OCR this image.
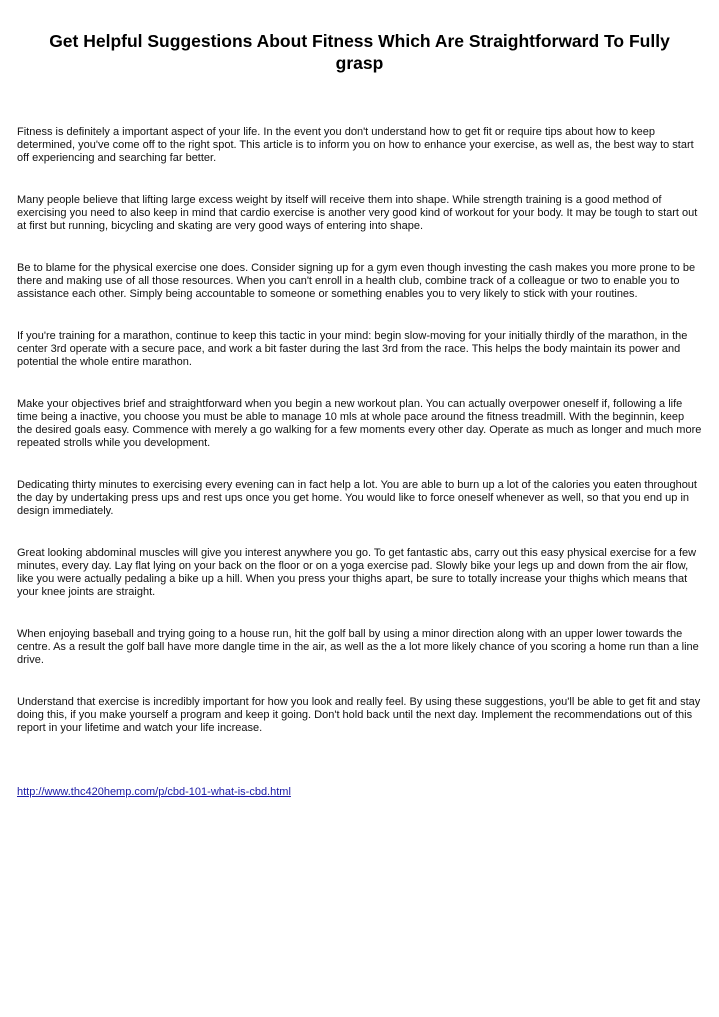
Get Helpful Suggestions About Fitness Which Are Straightforward To Fully grasp

Fitness is definitely a important aspect of your life. In the event you don't understand how to get fit or require tips about how to keep determined, you've come off to the right spot. This article is to inform you on how to enhance your exercise, as well as, the best way to start off experiencing and searching far better.

Many people believe that lifting large excess weight by itself will receive them into shape. While strength training is a good method of exercising you need to also keep in mind that cardio exercise is another very good kind of workout for your body. It may be tough to start out at first but running, bicycling and skating are very good ways of entering into shape.

Be to blame for the physical exercise one does. Consider signing up for a gym even though investing the cash makes you more prone to be there and making use of all those resources. When you can't enroll in a health club, combine track of a colleague or two to enable you to assistance each other. Simply being accountable to someone or something enables you to very likely to stick with your routines.

If you're training for a marathon, continue to keep this tactic in your mind: begin slow-moving for your initially thirdly of the marathon, in the center 3rd operate with a secure pace, and work a bit faster during the last 3rd from the race. This helps the body maintain its power and potential the whole entire marathon.

Make your objectives brief and straightforward when you begin a new workout plan. You can actually overpower oneself if, following a life time being a inactive, you choose you must be able to manage 10 mls at whole pace around the fitness treadmill. With the beginnin, keep the desired goals easy. Commence with merely a go walking for a few moments every other day. Operate as much as longer and much more repeated strolls while you development.

Dedicating thirty minutes to exercising every evening can in fact help a lot. You are able to burn up a lot of the calories you eaten throughout the day by undertaking press ups and rest ups once you get home. You would like to force oneself whenever as well, so that you end up in design immediately.

Great looking abdominal muscles will give you interest anywhere you go. To get fantastic abs, carry out this easy physical exercise for a few minutes, every day. Lay flat lying on your back on the floor or on a yoga exercise pad. Slowly bike your legs up and down from the air flow, like you were actually pedaling a bike up a hill. When you press your thighs apart, be sure to totally increase your thighs which means that your knee joints are straight.

When enjoying baseball and trying going to a house run, hit the golf ball by using a minor direction along with an upper lower towards the centre. As a result the golf ball have more dangle time in the air, as well as the a lot more likely chance of you scoring a home run than a line drive.

Understand that exercise is incredibly important for how you look and really feel. By using these suggestions, you'll be able to get fit and stay doing this, if you make yourself a program and keep it going. Don't hold back until the next day. Implement the recommendations out of this report in your lifetime and watch your life increase.

http://www.thc420hemp.com/p/cbd-101-what-is-cbd.html
